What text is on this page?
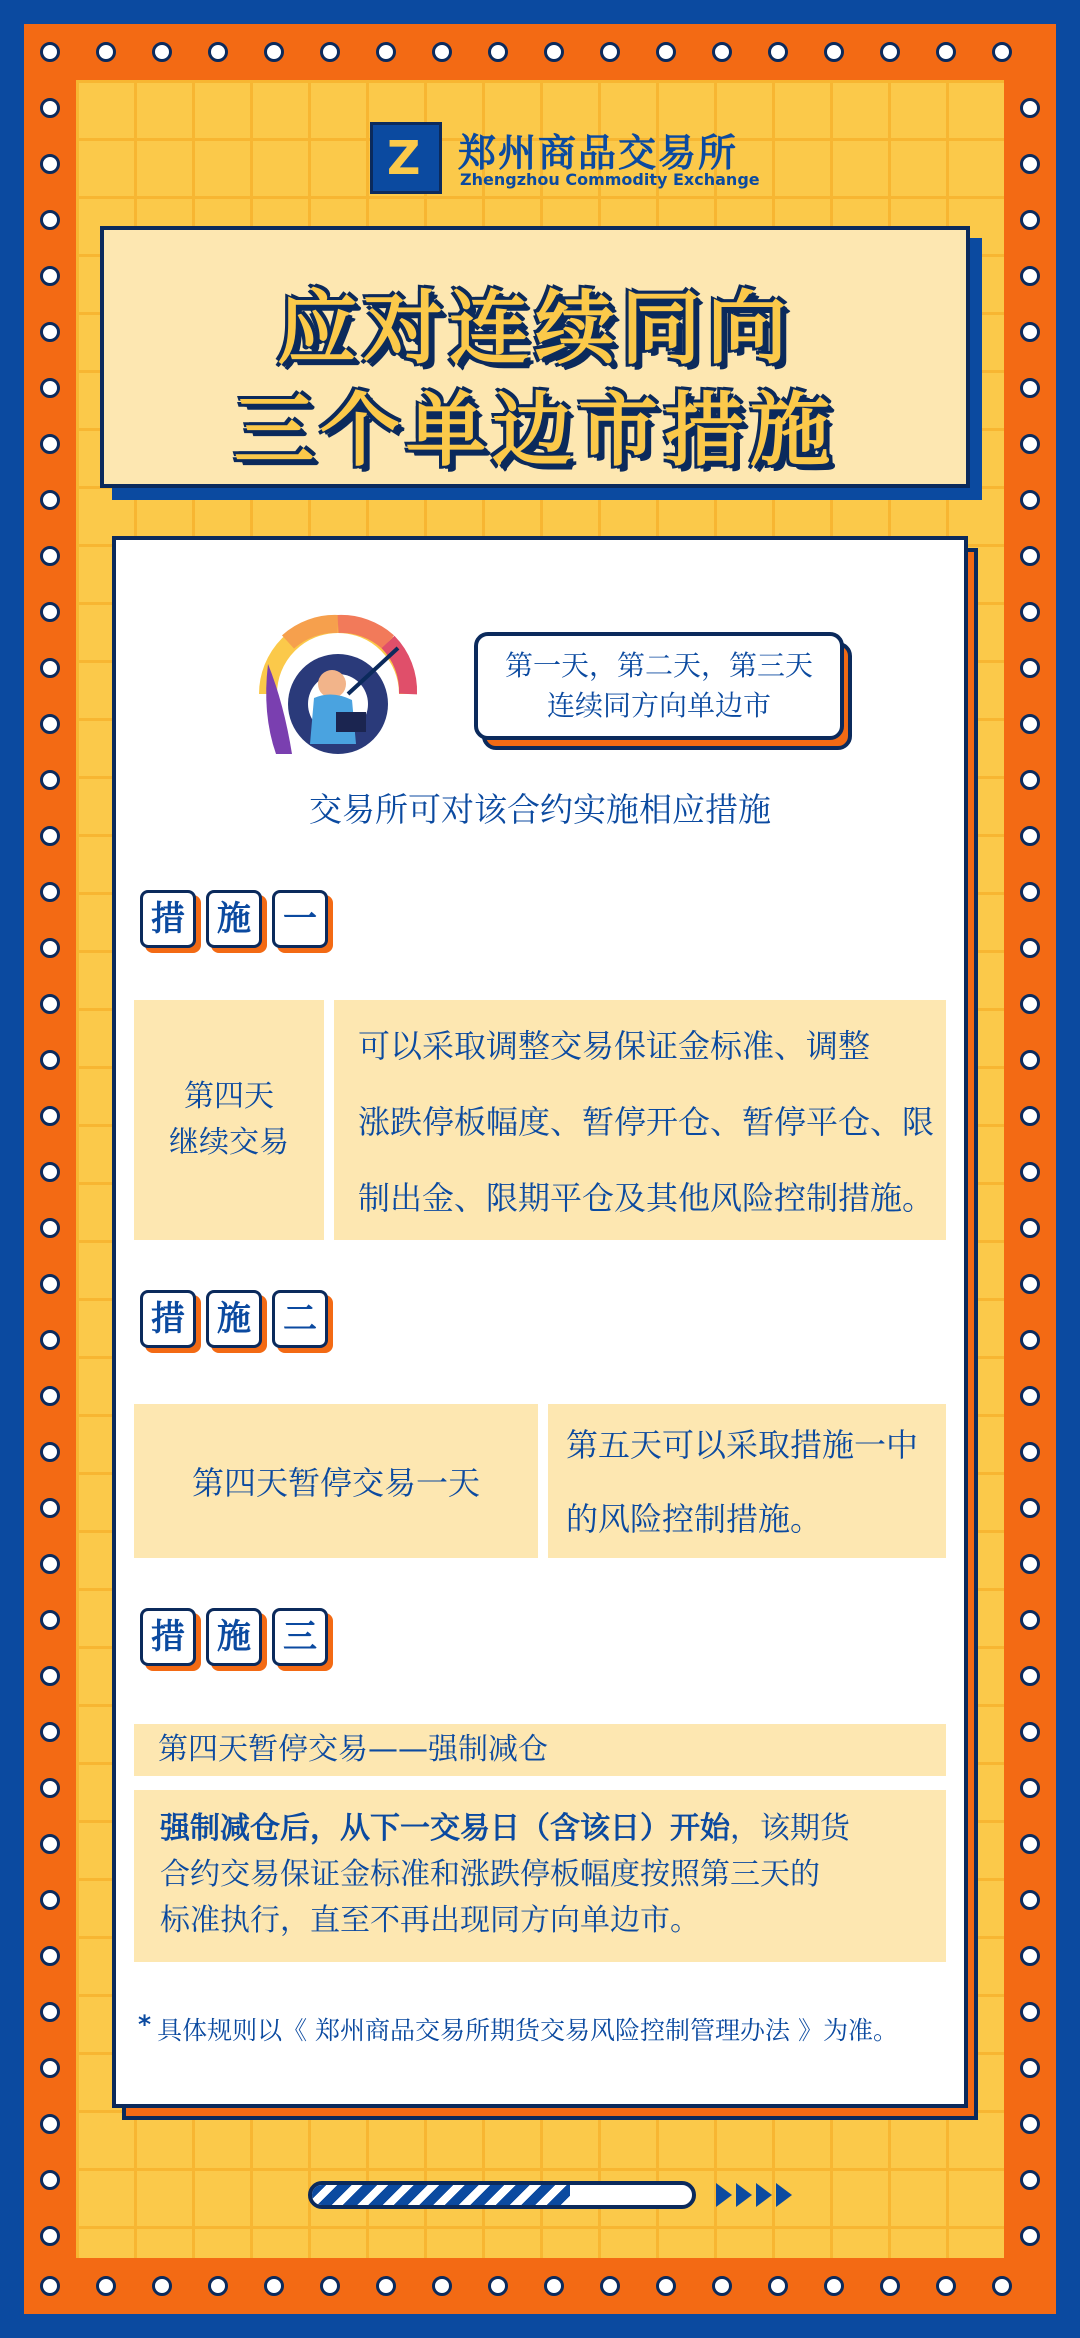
Z 郑州商品交易所
Zhengzhou Commodity Exchange
应对连续同向
三个单边市措施
第一天，第二天，第三天
连续同方向单边市
交易所可对该合约实施相应措施
措 施 一
第四天
继续交易
可以采取调整交易保证金标准、调整
涨跌停板幅度、暂停开仓、暂停平仓、限
制出金、限期平仓及其他风险控制措施。
措 施 二
第四天暂停交易一天
第五天可以采取措施一中
的风险控制措施。
措 施 三
第四天暂停交易——强制减仓
强制减仓后，从下一交易日（含该日）开始，该期货
合约交易保证金标准和涨跌停板幅度按照第三天的
标准执行，直至不再出现同方向单边市。
* 具体规则以《 郑州商品交易所期货交易风险控制管理办法 》为准。
